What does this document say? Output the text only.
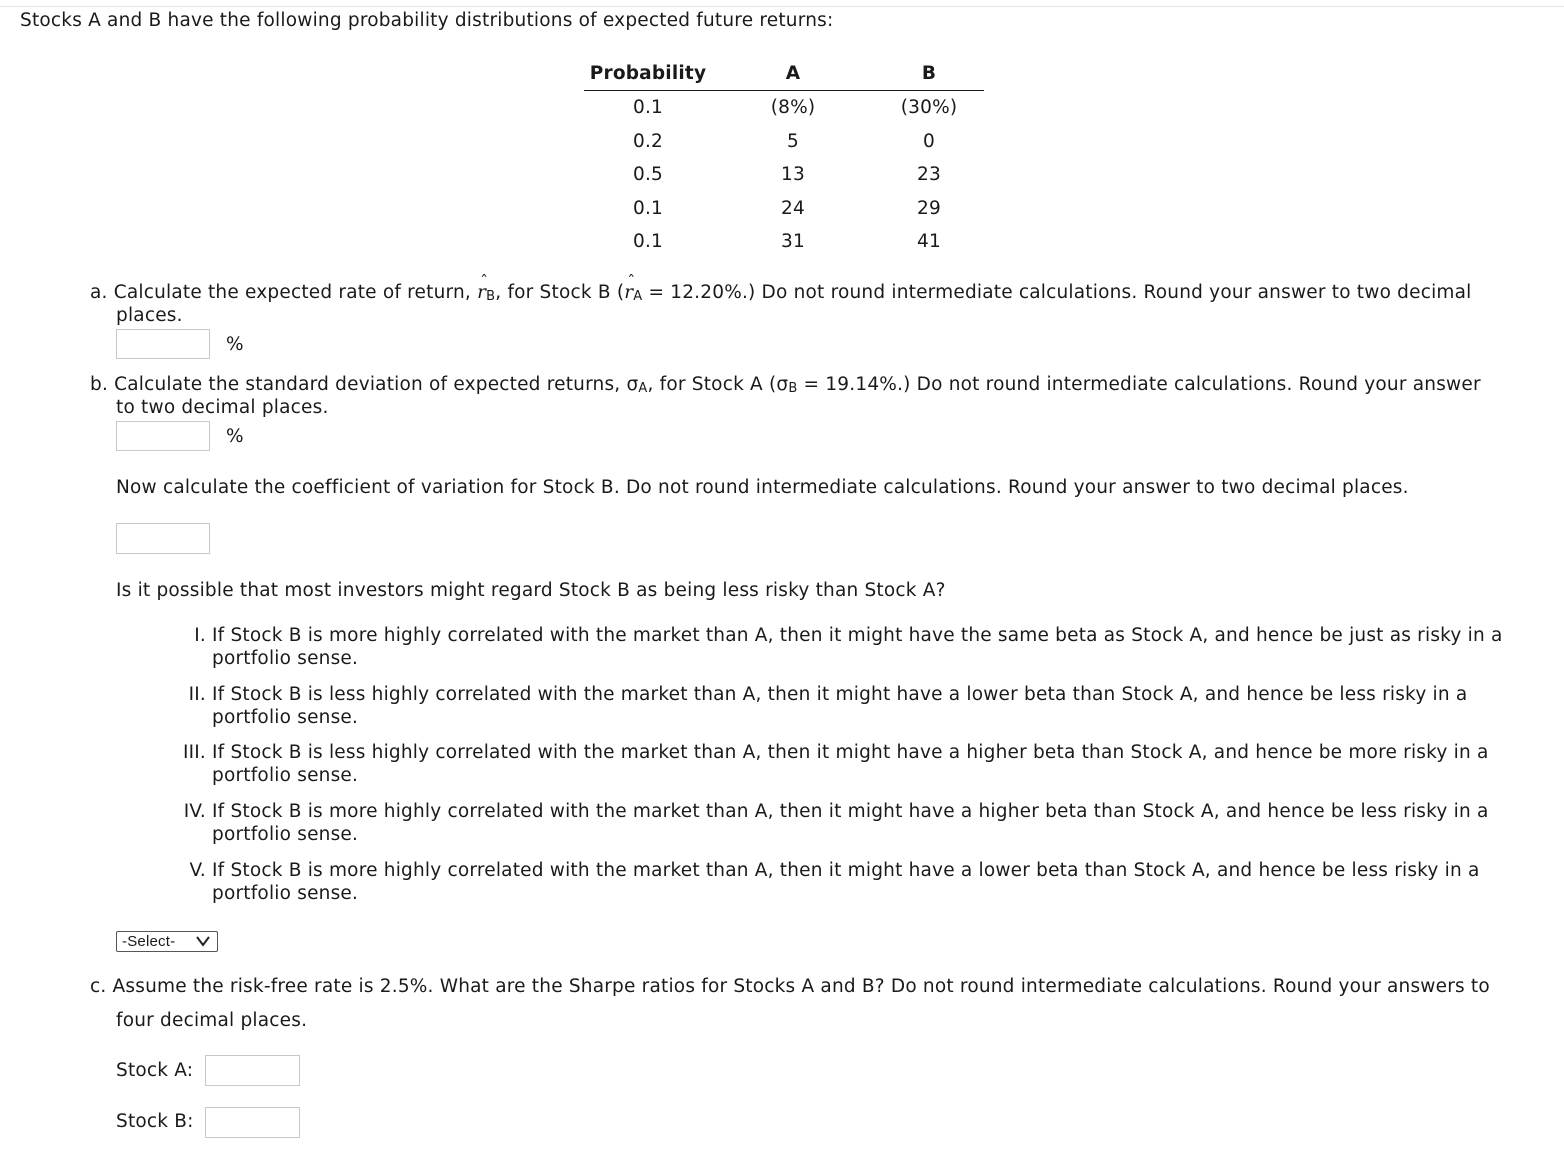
Stocks A and B have the following probability distributions of expected future returns:
Probability	A	B
0.1	(8%)	(30%)
0.2	5	0
0.5	13	23
0.1	24	29
0.1	31	41
a. Calculate the expected rate of return, ˆ rB, for Stock B (ˆ rA = 12.20%.) Do not round intermediate calculations. Round your answer to two decimal
places.
%
b. Calculate the standard deviation of expected returns, σA, for Stock A (σB = 19.14%.) Do not round intermediate calculations. Round your answer
to two decimal places.
%
Now calculate the coefficient of variation for Stock B. Do not round intermediate calculations. Round your answer to two decimal places.
Is it possible that most investors might regard Stock B as being less risky than Stock A?
I. If Stock B is more highly correlated with the market than A, then it might have the same beta as Stock A, and hence be just as risky in a
portfolio sense.
II. If Stock B is less highly correlated with the market than A, then it might have a lower beta than Stock A, and hence be less risky in a
portfolio sense.
III. If Stock B is less highly correlated with the market than A, then it might have a higher beta than Stock A, and hence be more risky in a
portfolio sense.
IV. If Stock B is more highly correlated with the market than A, then it might have a higher beta than Stock A, and hence be less risky in a
portfolio sense.
V. If Stock B is more highly correlated with the market than A, then it might have a lower beta than Stock A, and hence be less risky in a
portfolio sense.
-Select-
c. Assume the risk-free rate is 2.5%. What are the Sharpe ratios for Stocks A and B? Do not round intermediate calculations. Round your answers to
four decimal places.
Stock A:
Stock B:
